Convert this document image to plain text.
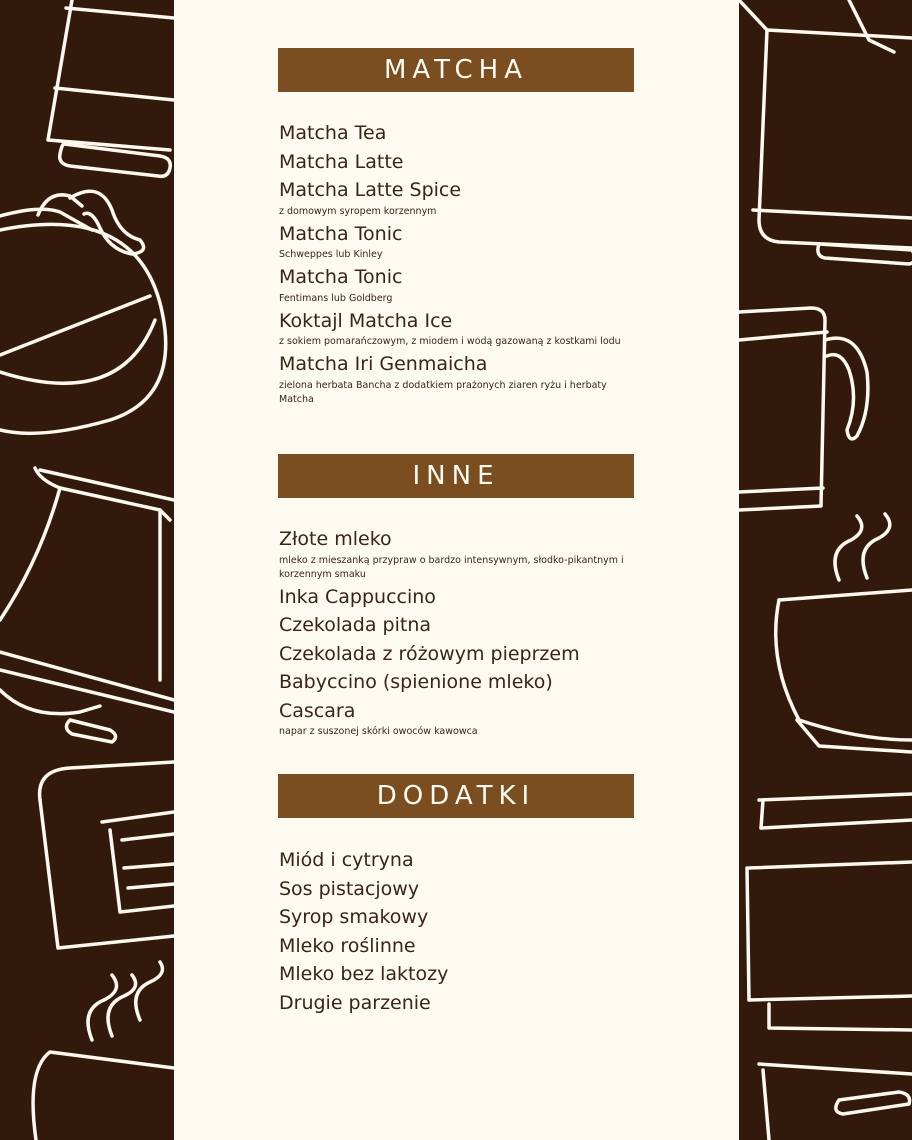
MATCHA
Matcha Tea
Matcha Latte
Matcha Latte Spice
z domowym syropem korzennym
Matcha Tonic
Schweppes lub Kinley
Matcha Tonic
Fentimans lub Goldberg
Koktajl Matcha Ice
z sokiem pomarańczowym, z miodem i wodą gazowaną z kostkami lodu
Matcha Iri Genmaicha
zielona herbata Bancha z dodatkiem prażonych ziaren ryżu i herbaty Matcha
INNE
Złote mleko
mleko z mieszanką przypraw o bardzo intensywnym, słodko-pikantnym i korzennym smaku
Inka Cappuccino
Czekolada pitna
Czekolada z różowym pieprzem
Babyccino (spienione mleko)
Cascara
napar z suszonej skórki owoców kawowca
DODATKI
Miód i cytryna
Sos pistacjowy
Syrop smakowy
Mleko roślinne
Mleko bez laktozy
Drugie parzenie
